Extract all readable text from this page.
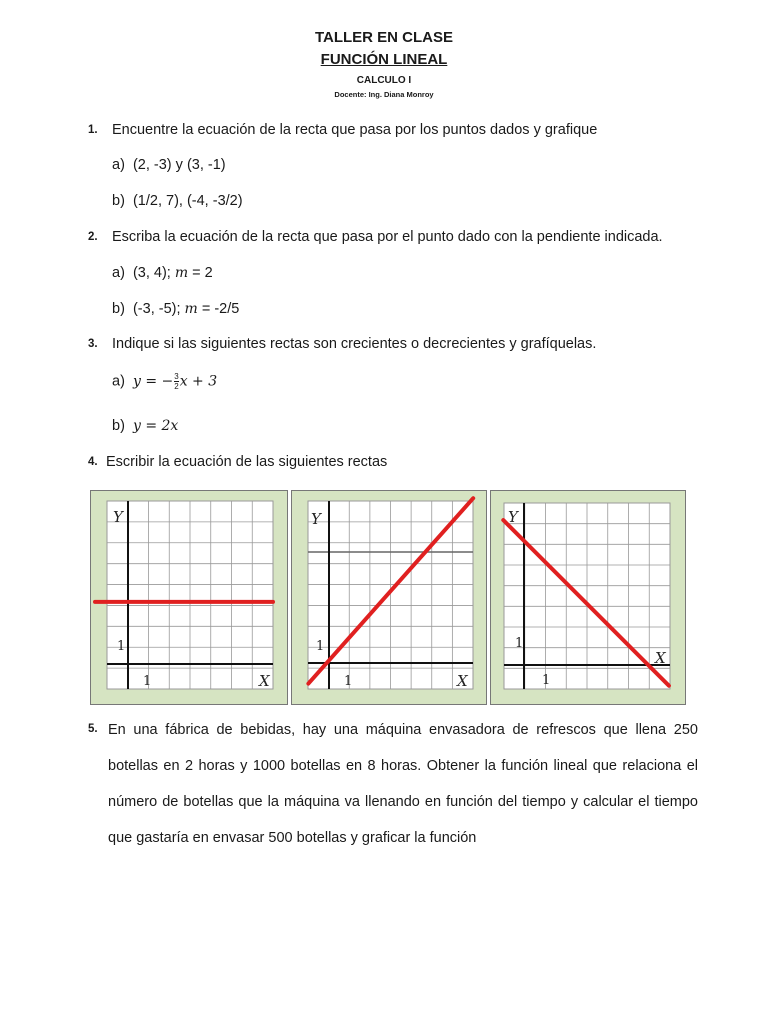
TALLER EN CLASE
FUNCIÓN LINEAL
CALCULO I
Docente: Ing. Diana Monroy
1. Encuentre la ecuación de la recta que pasa por los puntos dados y grafique
a) (2, -3) y (3, -1)
b) (1/2, 7), (-4, -3/2)
2. Escriba la ecuación de la recta que pasa por el punto dado con la pendiente indicada.
a) (3, 4); m = 2
b) (-3, -5); m = -2/5
3. Indique si las siguientes rectas son crecientes o decrecientes y grafíquelas.
a) y = − $\frac{3}{2}$ x + 3
b) y = 2x
4. Escribir la ecuación de las siguientes rectas
Y
X
1
1
Y
X
1
1
Y
X
1
1
5. En una fábrica de bebidas, hay una máquina envasadora de refrescos que llena 250 botellas en 2 horas y 1000 botellas en 8 horas. Obtener la función lineal que relaciona el número de botellas que la máquina va llenando en función del tiempo y calcular el tiempo que gastaría en envasar 500 botellas y graficar la función
